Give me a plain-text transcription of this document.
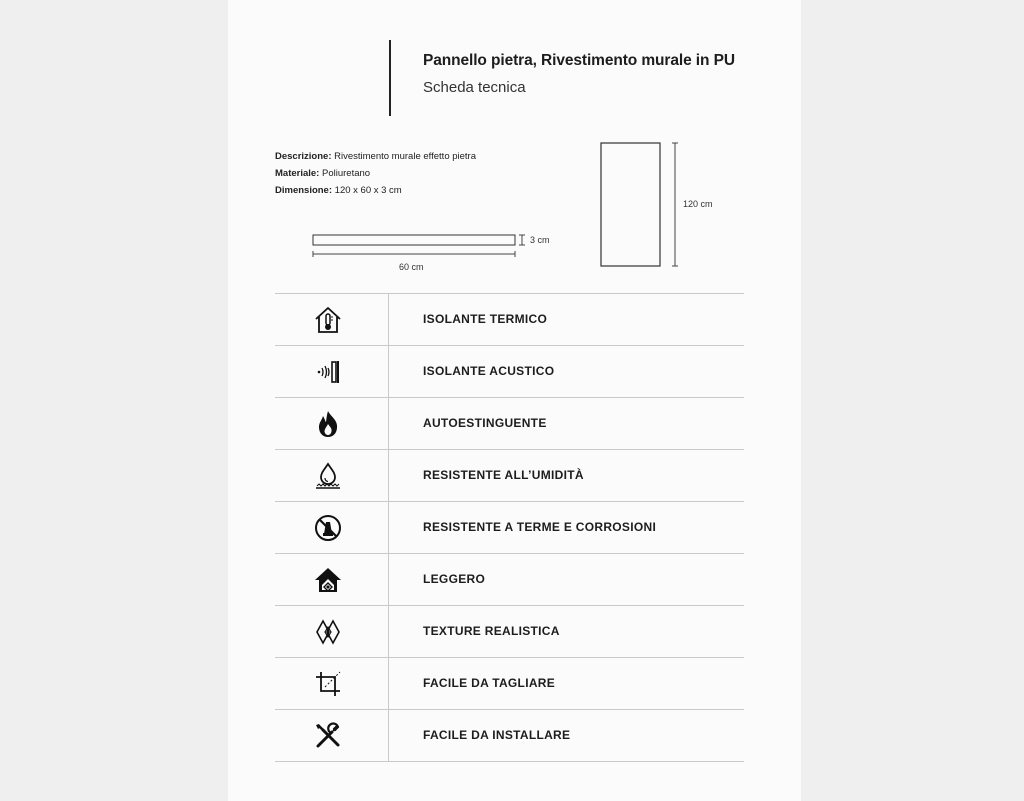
Pannello pietra, Rivestimento murale in PU
Scheda tecnica
Descrizione: Rivestimento murale effetto pietra
Materiale: Poliuretano
Dimensione: 120 x 60 x 3 cm
3 cm
60 cm
120 cm
ISOLANTE TERMICO
ISOLANTE ACUSTICO
AUTOESTINGUENTE
RESISTENTE ALL’UMIDITÀ
RESISTENTE A TERME E CORROSIONI
LEGGERO
TEXTURE REALISTICA
FACILE DA TAGLIARE
FACILE DA INSTALLARE
